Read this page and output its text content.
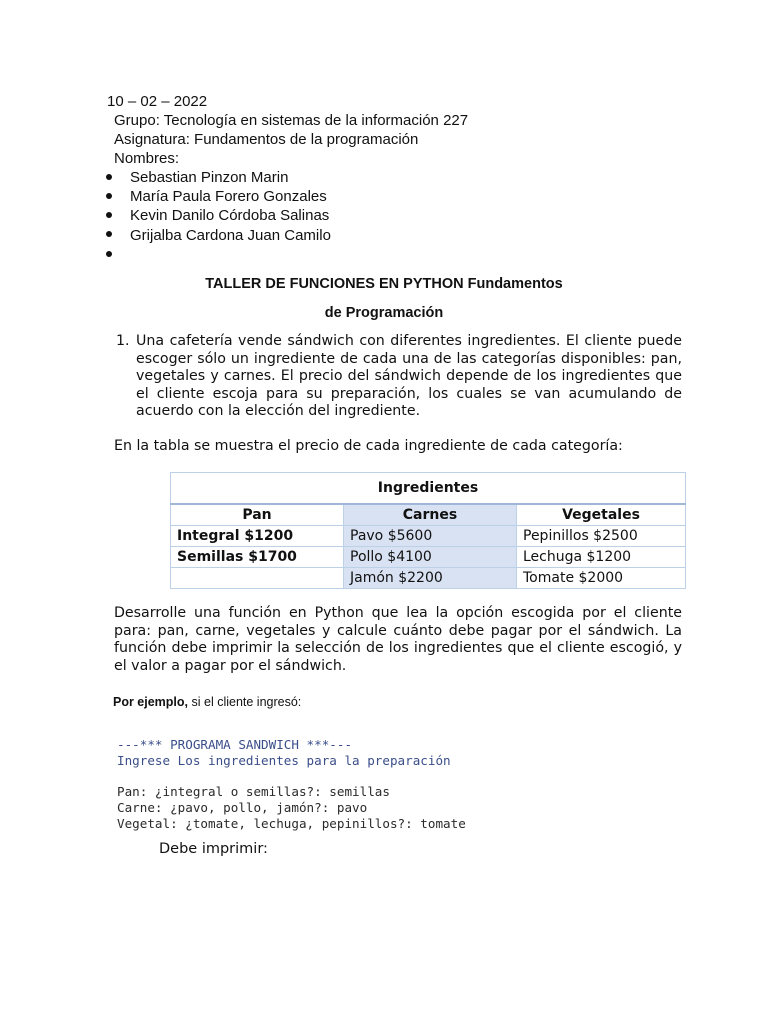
10 – 02 – 2022
Grupo: Tecnología en sistemas de la información 227
Asignatura: Fundamentos de la programación
Nombres:
Sebastian Pinzon Marin
María Paula Forero Gonzales
Kevin Danilo Córdoba Salinas
Grijalba Cardona Juan Camilo
TALLER DE FUNCIONES EN PYTHON Fundamentos
de Programación
1. Una cafetería vende sándwich con diferentes ingredientes. El cliente puede escoger sólo un ingrediente de cada una de las categorías disponibles: pan, vegetales y carnes. El precio del sándwich depende de los ingredientes que el cliente escoja para su preparación, los cuales se van acumulando de acuerdo con la elección del ingrediente.
En la tabla se muestra el precio de cada ingrediente de cada categoría:
Ingredientes		
Pan	Carnes	Vegetales
Integral $1200	Pavo $5600	Pepinillos $2500
Semillas $1700	Pollo $4100	Lechuga $1200
	Jamón $2200	Tomate $2000
Desarrolle una función en Python que lea la opción escogida por el cliente para: pan, carne, vegetales y calcule cuánto debe pagar por el sándwich. La función debe imprimir la selección de los ingredientes que el cliente escogió, y el valor a pagar por el sándwich.
Por ejemplo, si el cliente ingresó:
---*** PROGRAMA SANDWICH ***---
Ingrese Los ingredientes para la preparación
Pan: ¿integral o semillas?: semillas
Carne: ¿pavo, pollo, jamón?: pavo
Vegetal: ¿tomate, lechuga, pepinillos?: tomate
Debe imprimir:
